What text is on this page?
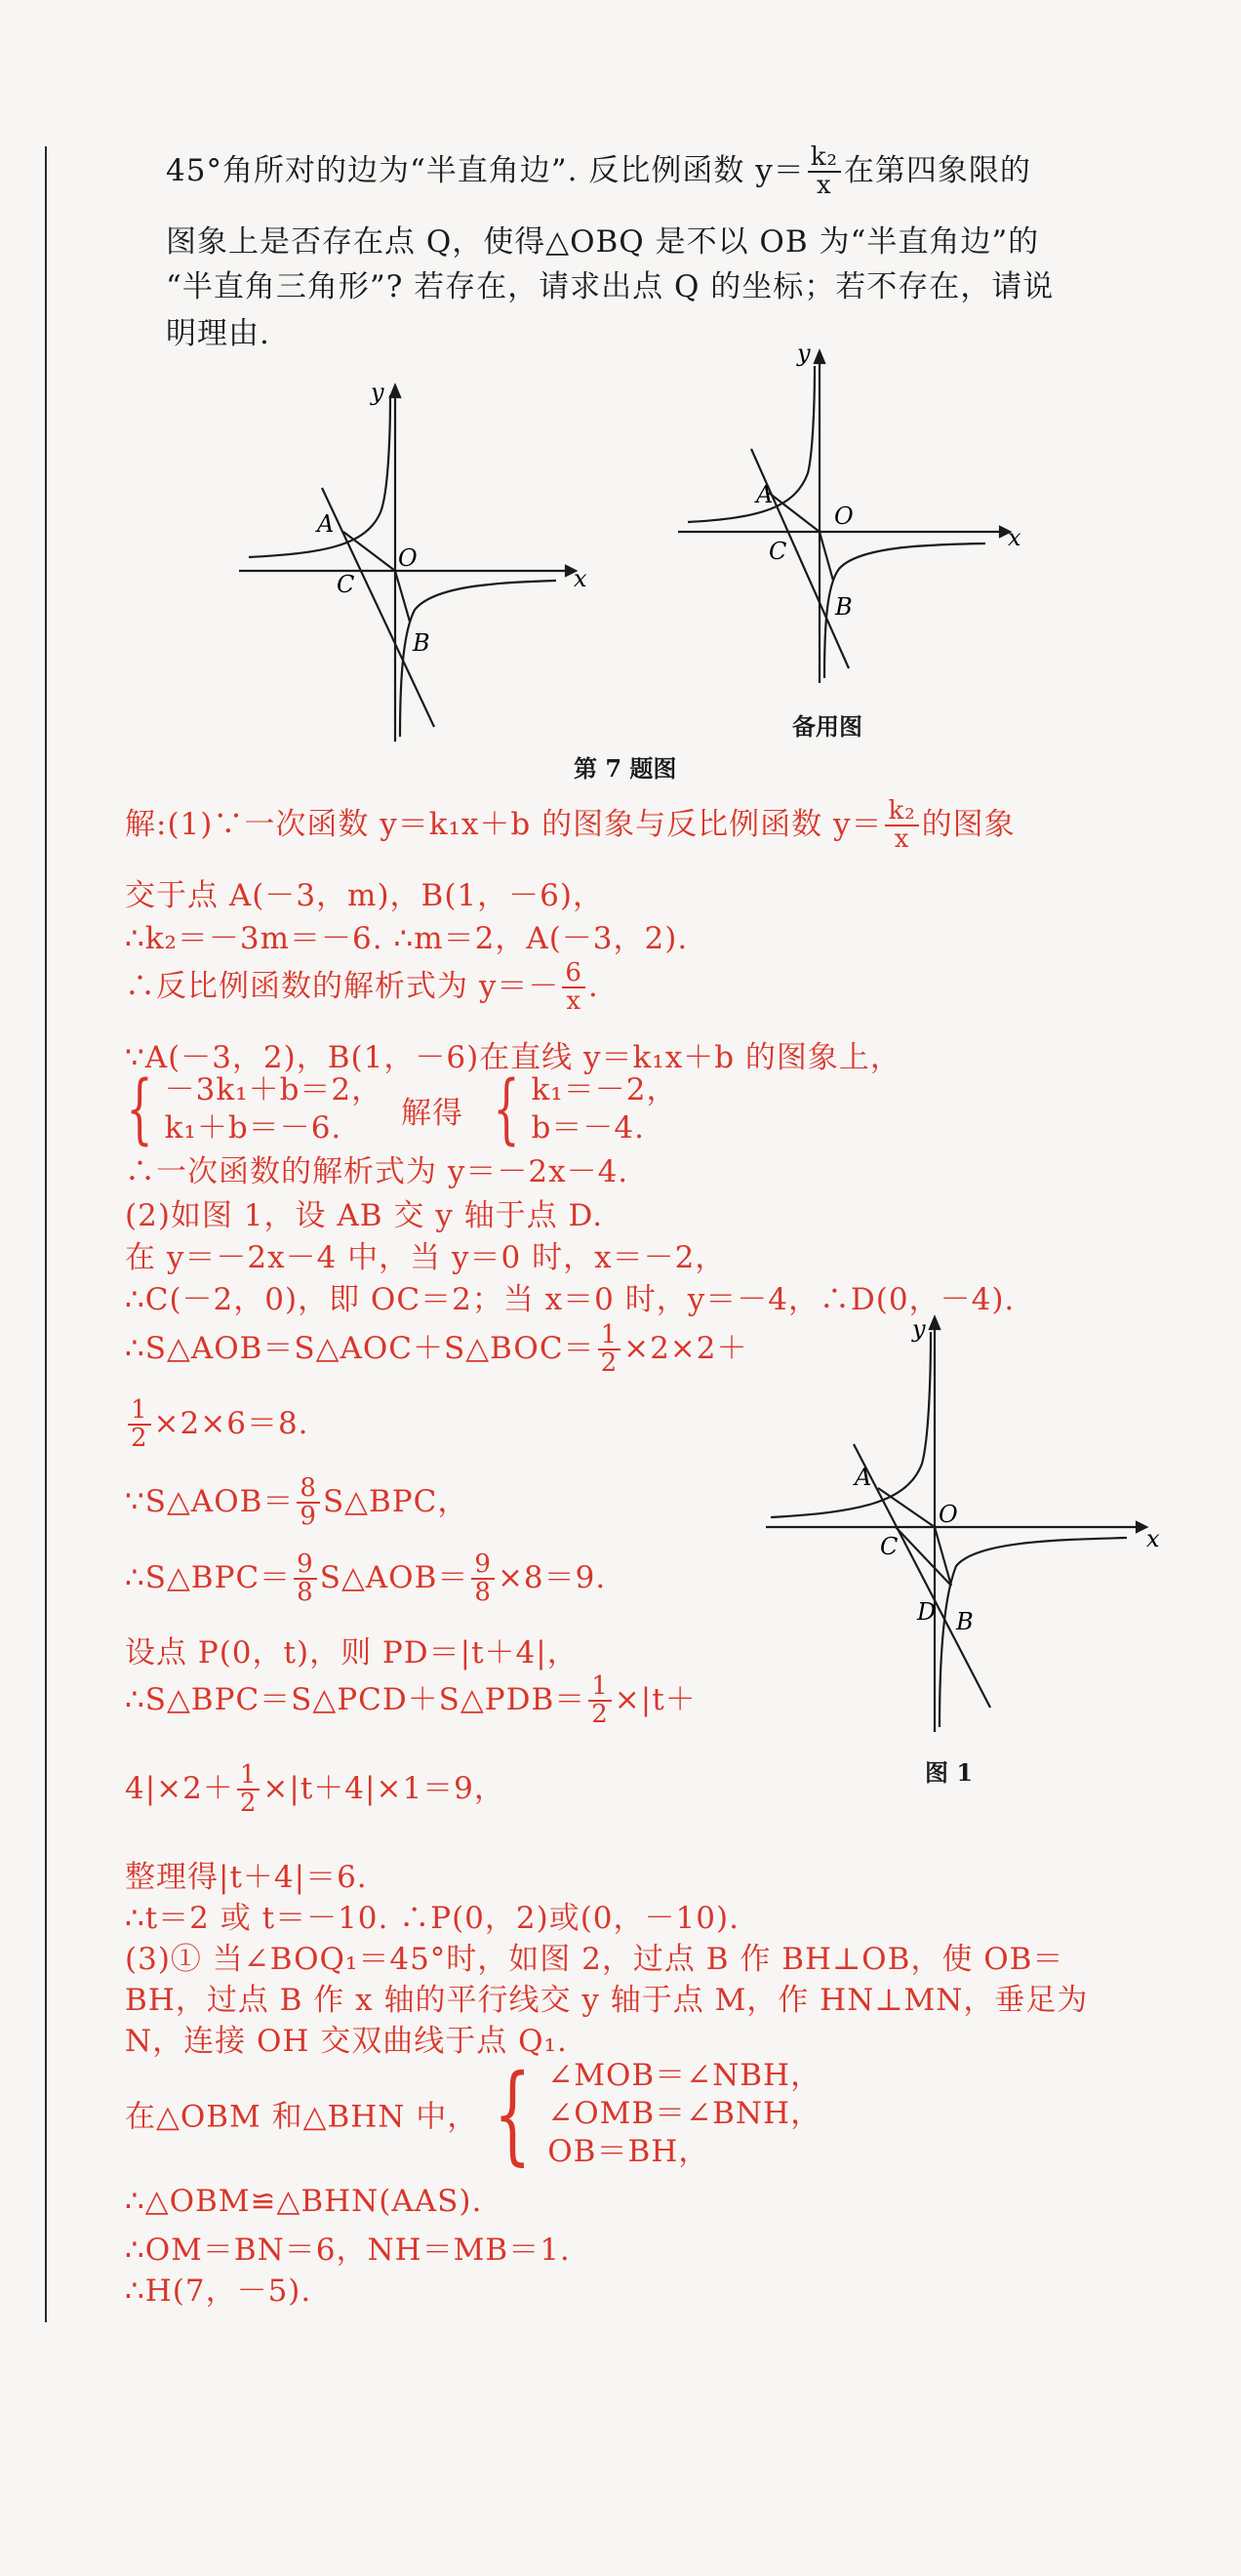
45°角所对的边为“半直角边”. 反比例函数 $y= \frac{\text{k₂}}{x}$ 在第四象限的
图象上是否存在点 Q，使得△OBQ 是不以 OB 为“半直角边”的
“半直角三角形”? 若存在，请求出点 Q 的坐标；若不存在，请说
明理由.
x
y
O
A
C
B
x
y
O
A
C
B
备用图
第 7 题图
x
y
O
A
C
D B
图 1
解:(1)∵一次函数 y＝k₁x＋b 的图象与反比例函数 $y= \frac{\text{k₂}}{x}$ 的图象
交于点 A(－3，m)，B(1，－6)，
∴k₂＝－3m＝－6. ∴m＝2，A(－3，2).
∴反比例函数的解析式为 $y=- \frac{6}{x}$ .
∵A(－3，2)，B(1，－6)在直线 y＝k₁x＋b 的图象上，
{ －3k₁＋b＝2，
k₁＋b＝－6. 解得 { k₁＝－2，
b＝－4.
∴一次函数的解析式为 y＝－2x－4.
(2)如图 1，设 AB 交 y 轴于点 D.
在 y＝－2x－4 中，当 y＝0 时，x＝－2，
∴C(－2，0)，即 OC＝2；当 x＝0 时，y＝－4，∴D(0，－4).
∴S△AOB＝S△AOC＋S△BOC＝ $\frac{1}{2} \times 2\times 2+$
$\frac{1}{2} \times 2\times 6=8$.
∵S△AOB＝ $\frac{8}{9}$ S△BPC，
∴S△BPC＝ $\frac{9}{8}$ S△AOB＝ $\frac{9}{8} \times 8=9$.
设点 P(0，t)，则 PD＝|t＋4|，
∴S△BPC＝S△PCD＋S△PDB＝ $\frac{1}{2} \times|t+$
$4|\times 2+ \frac{1}{2} \times|t+4|\times 1=9$，
整理得|t＋4|＝6.
∴t＝2 或 t＝－10. ∴P(0，2)或(0，－10).
(3)① 当∠BOQ₁＝45°时，如图 2，过点 B 作 BH⊥OB，使 OB＝
BH，过点 B 作 x 轴的平行线交 y 轴于点 M，作 HN⊥MN，垂足为
N，连接 OH 交双曲线于点 Q₁.
在△OBM 和△BHN 中， { ∠MOB＝∠NBH，
∠OMB＝∠BNH，
OB＝BH，
∴△OBM≌△BHN(AAS).
∴OM＝BN＝6，NH＝MB＝1.
∴H(7，－5).
